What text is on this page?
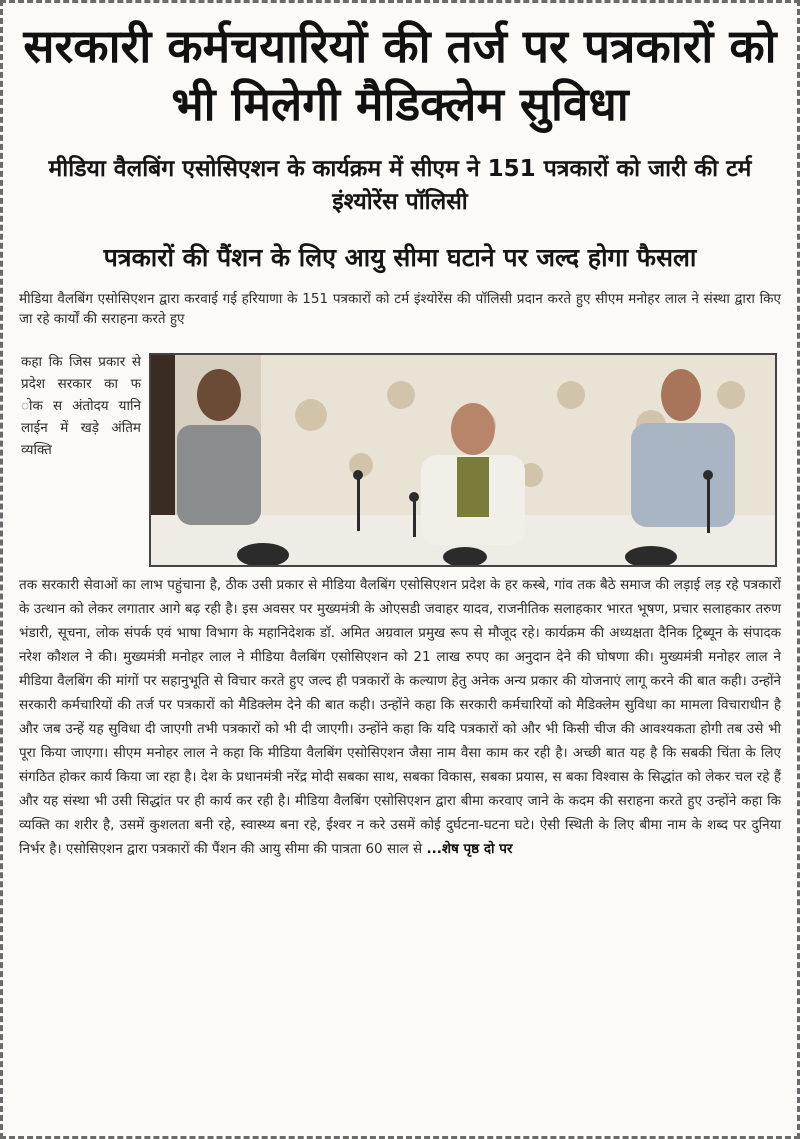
सरकारी कर्मचयारियों की तर्ज पर पत्रकारों को भी मिलेगी मैडिक्लेम सुविधा
मीडिया वैलबिंग एसोसिएशन के कार्यक्रम में सीएम ने 151 पत्रकारों को जारी की टर्म इंश्योरेंस पॉलिसी
पत्रकारों की पैंशन के लिए आयु सीमा घटाने पर जल्द होगा फैसला
मीडिया वैलबिंग एसोसिएशन द्वारा करवाई गई हरियाणा के 151 पत्रकारों को टर्म इंश्योरेंस की पॉलिसी प्रदान करते हुए सीएम मनोहर लाल ने संस्था द्वारा किए जा रहे कार्यों की सराहना करते हुए
कहा कि जिस प्रकार से प्रदेश सरकार का फ ोक स अंतोदय यानि लाईन में खड़े अंतिम व्यक्ति
तक सरकारी सेवाओं का लाभ पहुंचाना है, ठीक उसी प्रकार से मीडिया वैलबिंग एसोसिएशन प्रदेश के हर कस्बे, गांव तक बैठे समाज की लड़ाई लड़ रहे पत्रकारों के उत्थान को लेकर लगातार आगे बढ़ रही है। इस अवसर पर मुख्यमंत्री के ओएसडी जवाहर यादव, राजनीतिक सलाहकार भारत भूषण, प्रचार सलाहकार तरुण भंडारी, सूचना, लोक संपर्क एवं भाषा विभाग के महानिदेशक डॉ. अमित अग्रवाल प्रमुख रूप से मौजूद रहे। कार्यक्रम की अध्यक्षता दैनिक ट्रिब्यून के संपादक नरेश कौशल ने की। मुख्यमंत्री मनोहर लाल ने मीडिया वैलबिंग एसोसिएशन को 21 लाख रुपए का अनुदान देने की घोषणा की। मुख्यमंत्री मनोहर लाल ने मीडिया वैलबिंग की मांगों पर सहानुभूति से विचार करते हुए जल्द ही पत्रकारों के कल्याण हेतु अनेक अन्य प्रकार की योजनाएं लागू करने की बात कही। उन्होंने सरकारी कर्मचारियों की तर्ज पर पत्रकारों को मैडिक्लेम देने की बात कही। उन्होंने कहा कि सरकारी कर्मचारियों को मैडिक्लेम सुविधा का मामला विचाराधीन है और जब उन्हें यह सुविधा दी जाएगी तभी पत्रकारों को भी दी जाएगी। उन्होंने कहा कि यदि पत्रकारों को और भी किसी चीज की आवश्यकता होगी तब उसे भी पूरा किया जाएगा। सीएम मनोहर लाल ने कहा कि मीडिया वैलबिंग एसोसिएशन जैसा नाम वैसा काम कर रही है। अच्छी बात यह है कि सबकी चिंता के लिए संगठित होकर कार्य किया जा रहा है। देश के प्रधानमंत्री नरेंद्र मोदी सबका साथ, सबका विकास, सबका प्रयास, स बका विश्वास के सिद्धांत को लेकर चल रहे हैं और यह संस्था भी उसी सिद्धांत पर ही कार्य कर रही है। मीडिया वैलबिंग एसोसिएशन द्वारा बीमा करवाए जाने के कदम की सराहना करते हुए उन्होंने कहा कि व्यक्ति का शरीर है, उसमें कुशलता बनी रहे, स्वास्थ्य बना रहे, ईश्वर न करे उसमें कोई दुर्घटना-घटना घटे। ऐसी स्थिती के लिए बीमा नाम के शब्द पर दुनिया निर्भर है। एसोसिएशन द्वारा पत्रकारों की पैंशन की आयु सीमा की पात्रता 60 साल से ...शेष पृष्ठ दो पर
